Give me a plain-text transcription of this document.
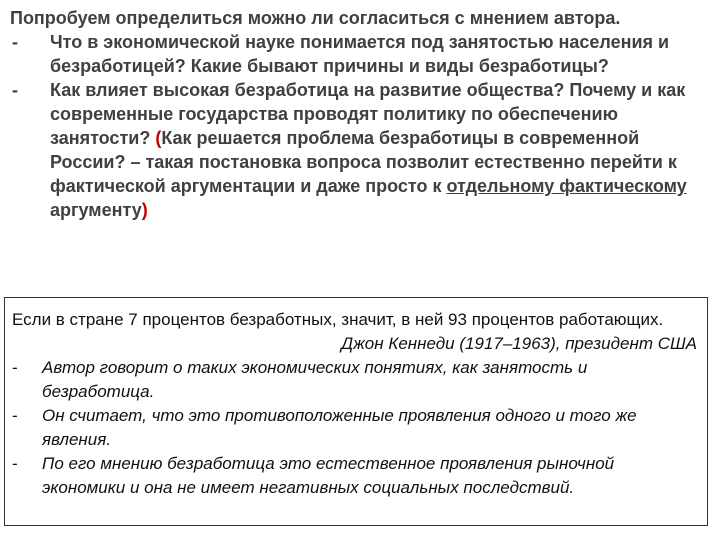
Попробуем определиться можно ли согласиться с мнением автора.
-	Что в экономической науке понимается под занятостью населения и безработицей? Какие бывают причины и виды безработицы?
-	Как влияет высокая безработица на развитие общества? Почему и как современные государства проводят политику по обеспечению занятости? (Как решается проблема безработицы в современной России? – такая постановка вопроса позволит естественно перейти к фактической аргументации и даже просто к отдельному фактическому аргументу)
Если в стране 7 процентов безработных, значит, в ней 93 процентов работающих.
Джон Кеннеди (1917–1963), президент США
-	Автор говорит о таких экономических понятиях, как занятость и безработица.
-	Он считает, что это противоположенные проявления одного и того же явления.
-	По его мнению безработица это естественное проявления рыночной экономики и она не имеет негативных социальных последствий.
